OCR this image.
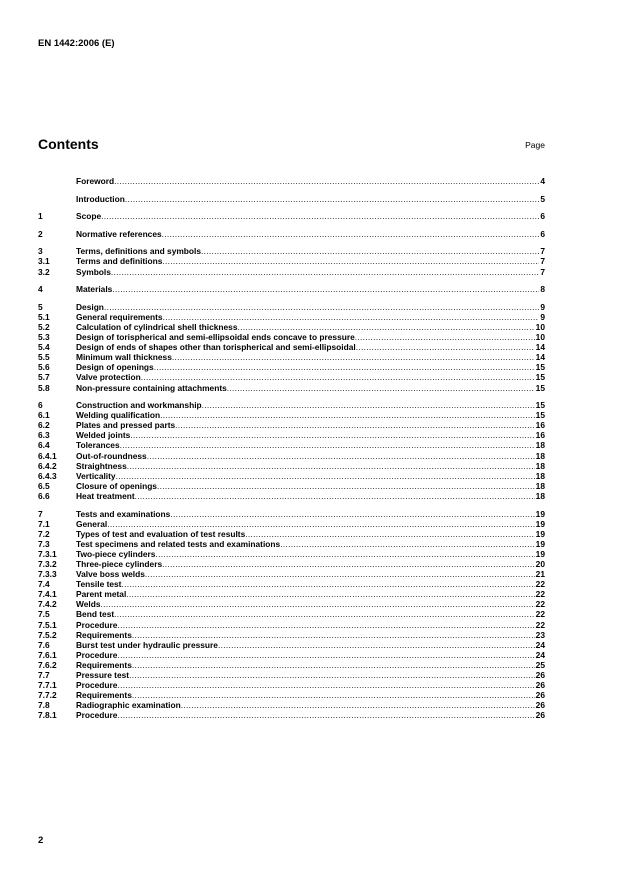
EN 1442:2006 (E)
Contents	Page
Foreword .....	4
Introduction .....	5
1	Scope .....	6
2	Normative references .....	6
3	Terms, definitions and symbols .....	7
3.1	Terms and definitions .....	7
3.2	Symbols .....	7
4	Materials .....	8
5	Design .....	9
5.1	General requirements .....	9
5.2	Calculation of cylindrical shell thickness .....	10
5.3	Design of torispherical and semi-ellipsoidal ends concave to pressure .....	10
5.4	Design of ends of shapes other than torispherical and semi-ellipsoidal .....	14
5.5	Minimum wall thickness .....	14
5.6	Design of openings .....	15
5.7	Valve protection .....	15
5.8	Non-pressure containing attachments .....	15
6	Construction and workmanship .....	15
6.1	Welding qualification .....	15
6.2	Plates and pressed parts .....	16
6.3	Welded joints .....	16
6.4	Tolerances .....	18
6.4.1	Out-of-roundness .....	18
6.4.2	Straightness .....	18
6.4.3	Verticality .....	18
6.5	Closure of openings .....	18
6.6	Heat treatment .....	18
7	Tests and examinations .....	19
7.1	General .....	19
7.2	Types of test and evaluation of test results .....	19
7.3	Test specimens and related tests and examinations .....	19
7.3.1	Two-piece cylinders .....	19
7.3.2	Three-piece cylinders .....	20
7.3.3	Valve boss welds .....	21
7.4	Tensile test .....	22
7.4.1	Parent metal .....	22
7.4.2	Welds .....	22
7.5	Bend test .....	22
7.5.1	Procedure .....	22
7.5.2	Requirements .....	23
7.6	Burst test under hydraulic pressure .....	24
7.6.1	Procedure .....	24
7.6.2	Requirements .....	25
7.7	Pressure test .....	26
7.7.1	Procedure .....	26
7.7.2	Requirements .....	26
7.8	Radiographic examination .....	26
7.8.1	Procedure .....	26
2
